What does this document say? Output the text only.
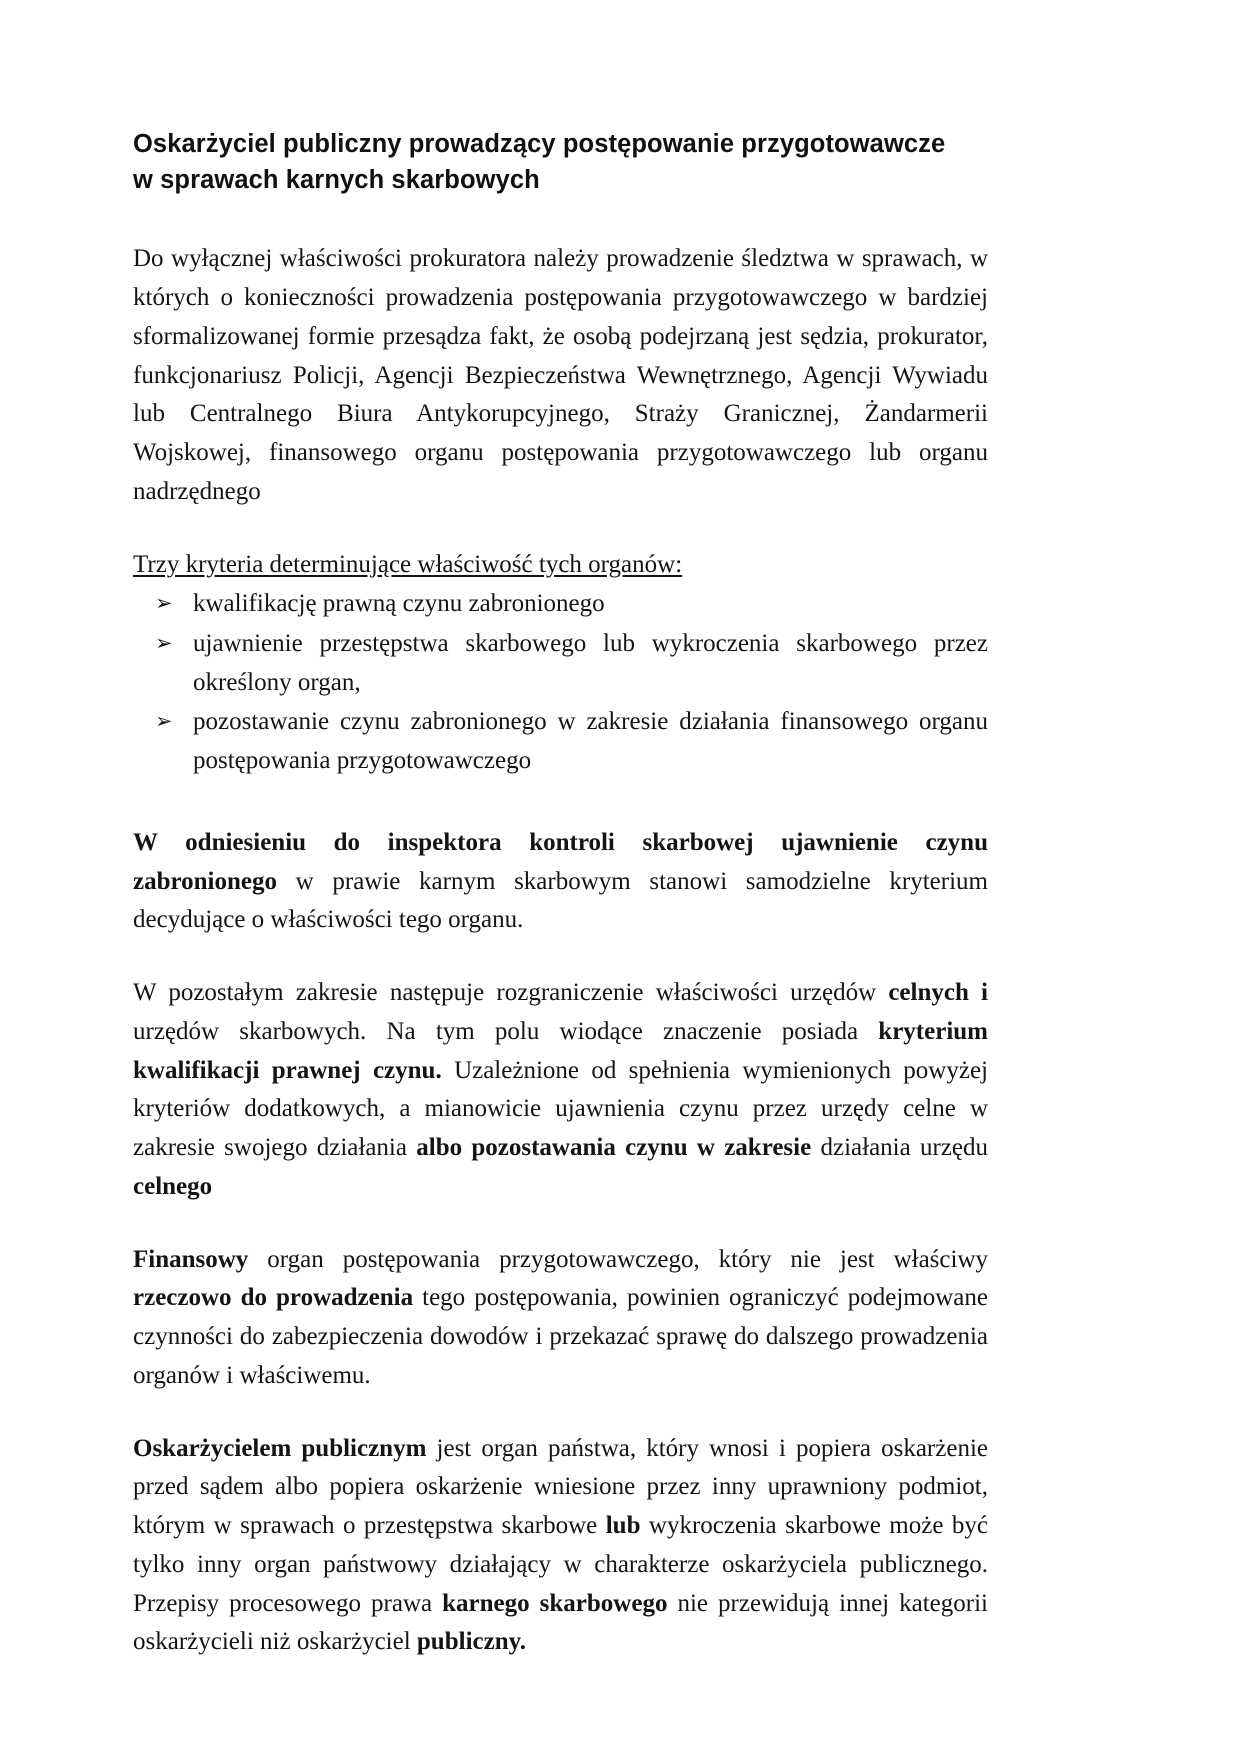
Oskarżyciel publiczny prowadzący postępowanie przygotowawcze
w sprawach karnych skarbowych

Do wyłącznej właściwości prokuratora należy prowadzenie śledztwa w sprawach, w których o konieczności prowadzenia postępowania przygotowawczego w bardziej sformalizowanej formie przesądza fakt, że osobą podejrzaną jest sędzia, prokurator, funkcjonariusz Policji, Agencji Bezpieczeństwa Wewnętrznego, Agencji Wywiadu lub Centralnego Biura Antykorupcyjnego, Straży Granicznej, Żandarmerii Wojskowej, finansowego organu postępowania przygotowawczego lub organu nadrzędnego

Trzy kryteria determinujące właściwość tych organów:
➢ kwalifikację prawną czynu zabronionego
➢ ujawnienie przestępstwa skarbowego lub wykroczenia skarbowego przez określony organ,
➢ pozostawanie czynu zabronionego w zakresie działania finansowego organu postępowania przygotowawczego

W odniesieniu do inspektora kontroli skarbowej ujawnienie czynu zabronionego w prawie karnym skarbowym stanowi samodzielne kryterium decydujące o właściwości tego organu.

W pozostałym zakresie następuje rozgraniczenie właściwości urzędów celnych i urzędów skarbowych. Na tym polu wiodące znaczenie posiada kryterium kwalifikacji prawnej czynu. Uzależnione od spełnienia wymienionych powyżej kryteriów dodatkowych, a mianowicie ujawnienia czynu przez urzędy celne w zakresie swojego działania albo pozostawania czynu w zakresie działania urzędu celnego

Finansowy organ postępowania przygotowawczego, który nie jest właściwy rzeczowo do prowadzenia tego postępowania, powinien ograniczyć podejmowane czynności do zabezpieczenia dowodów i przekazać sprawę do dalszego prowadzenia organów i właściwemu.

Oskarżycielem publicznym jest organ państwa, który wnosi i popiera oskarżenie przed sądem albo popiera oskarżenie wniesione przez inny uprawniony podmiot, którym w sprawach o przestępstwa skarbowe lub wykroczenia skarbowe może być tylko inny organ państwowy działający w charakterze oskarżyciela publicznego. Przepisy procesowego prawa karnego skarbowego nie przewidują innej kategorii oskarżycieli niż oskarżyciel publiczny.
